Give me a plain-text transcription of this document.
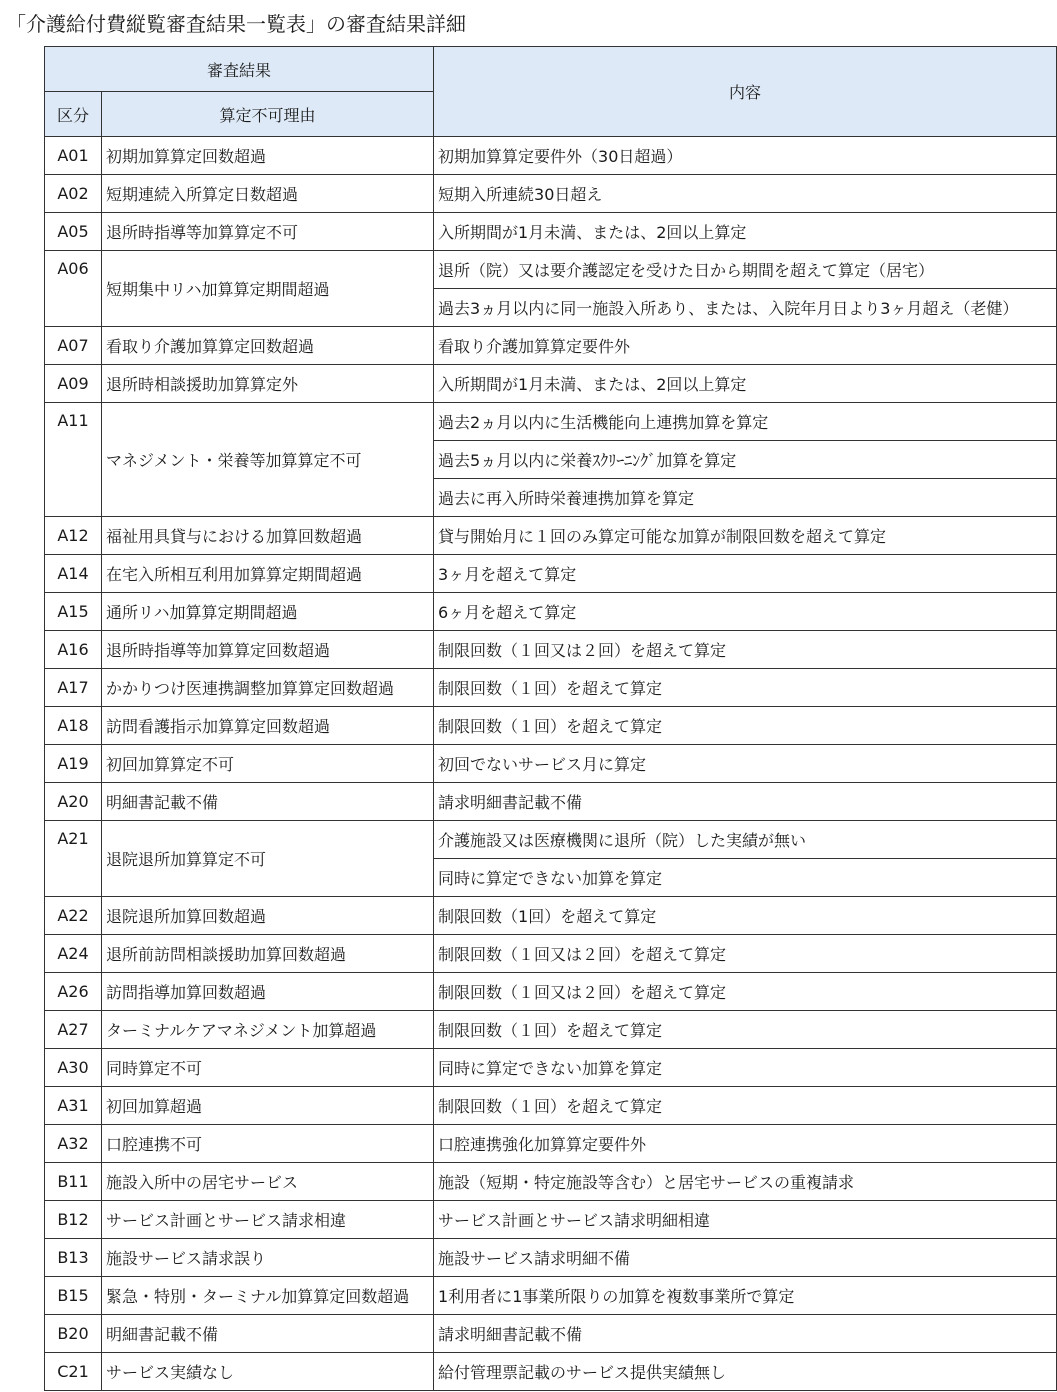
「介護給付費縦覧審査結果一覧表」の審査結果詳細
審査結果		内容
区分	算定不可理由	
A01	初期加算算定回数超過	初期加算算定要件外（30日超過）
A02	短期連続入所算定日数超過	短期入所連続30日超え
A05	退所時指導等加算算定不可	入所期間が1月未満、または、2回以上算定
A06	短期集中リハ加算算定期間超過	退所（院）又は要介護認定を受けた日から期間を超えて算定（居宅）
		過去3ヵ月以内に同一施設入所あり、または、入院年月日より3ヶ月超え（老健）
A07	看取り介護加算算定回数超過	看取り介護加算算定要件外
A09	退所時相談援助加算算定外	入所期間が1月未満、または、2回以上算定
A11	マネジメント・栄養等加算算定不可	過去2ヵ月以内に生活機能向上連携加算を算定
		過去5ヵ月以内に栄養ｽｸﾘｰﾆﾝｸﾞ加算を算定
		過去に再入所時栄養連携加算を算定
A12	福祉用具貸与における加算回数超過	貸与開始月に１回のみ算定可能な加算が制限回数を超えて算定
A14	在宅入所相互利用加算算定期間超過	3ヶ月を超えて算定
A15	通所リハ加算算定期間超過	6ヶ月を超えて算定
A16	退所時指導等加算算定回数超過	制限回数（１回又は２回）を超えて算定
A17	かかりつけ医連携調整加算算定回数超過	制限回数（１回）を超えて算定
A18	訪問看護指示加算算定回数超過	制限回数（１回）を超えて算定
A19	初回加算算定不可	初回でないサービス月に算定
A20	明細書記載不備	請求明細書記載不備
A21	退院退所加算算定不可	介護施設又は医療機関に退所（院）した実績が無い
		同時に算定できない加算を算定
A22	退院退所加算回数超過	制限回数（1回）を超えて算定
A24	退所前訪問相談援助加算回数超過	制限回数（１回又は２回）を超えて算定
A26	訪問指導加算回数超過	制限回数（１回又は２回）を超えて算定
A27	ターミナルケアマネジメント加算超過	制限回数（１回）を超えて算定
A30	同時算定不可	同時に算定できない加算を算定
A31	初回加算超過	制限回数（１回）を超えて算定
A32	口腔連携不可	口腔連携強化加算算定要件外
B11	施設入所中の居宅サービス	施設（短期・特定施設等含む）と居宅サービスの重複請求
B12	サービス計画とサービス請求相違	サービス計画とサービス請求明細相違
B13	施設サービス請求誤り	施設サービス請求明細不備
B15	緊急・特別・ターミナル加算算定回数超過	1利用者に1事業所限りの加算を複数事業所で算定
B20	明細書記載不備	請求明細書記載不備
C21	サービス実績なし	給付管理票記載のサービス提供実績無し
